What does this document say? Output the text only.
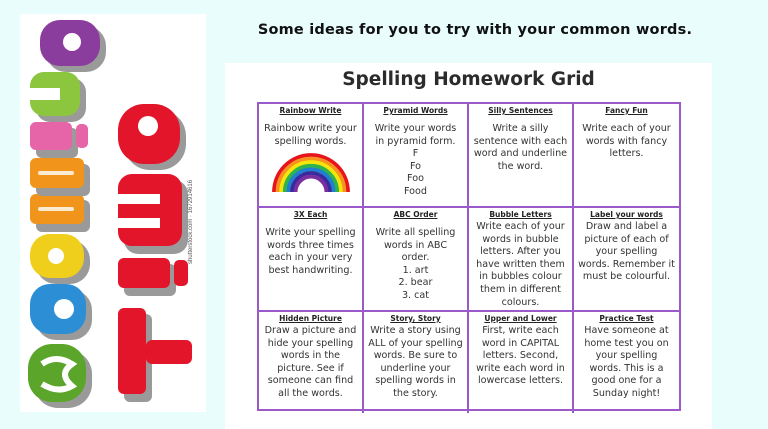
shutterstock.com · 1672914616
Some ideas for you to try with your common words.
Spelling Homework Grid
Rainbow Write
Rainbow write your
spelling words.
Pyramid Words
Write your words
in pyramid form.
F
Fo
Foo
Food
Silly Sentences
Write a silly
sentence with each
word and underline
the word.
Fancy Fun
Write each of your
words with fancy
letters.
3X Each
Write your spelling
words three times
each in your very
best handwriting.
ABC Order
Write all spelling
words in ABC
order.
1. art
2. bear
3. cat
Bubble Letters
Write each of your
words in bubble
letters. After you
have written them
in bubbles colour
them in different
colours.
Label your words
Draw and label a
picture of each of
your spelling
words. Remember it
must be colourful.
Hidden Picture
Draw a picture and
hide your spelling
words in the
picture. See if
someone can find
all the words.
Story, Story
Write a story using
ALL of your spelling
words. Be sure to
underline your
spelling words in
the story.
Upper and Lower
First, write each
word in CAPITAL
letters. Second,
write each word in
lowercase letters.
Practice Test
Have someone at
home test you on
your spelling
words. This is a
good one for a
Sunday night!
